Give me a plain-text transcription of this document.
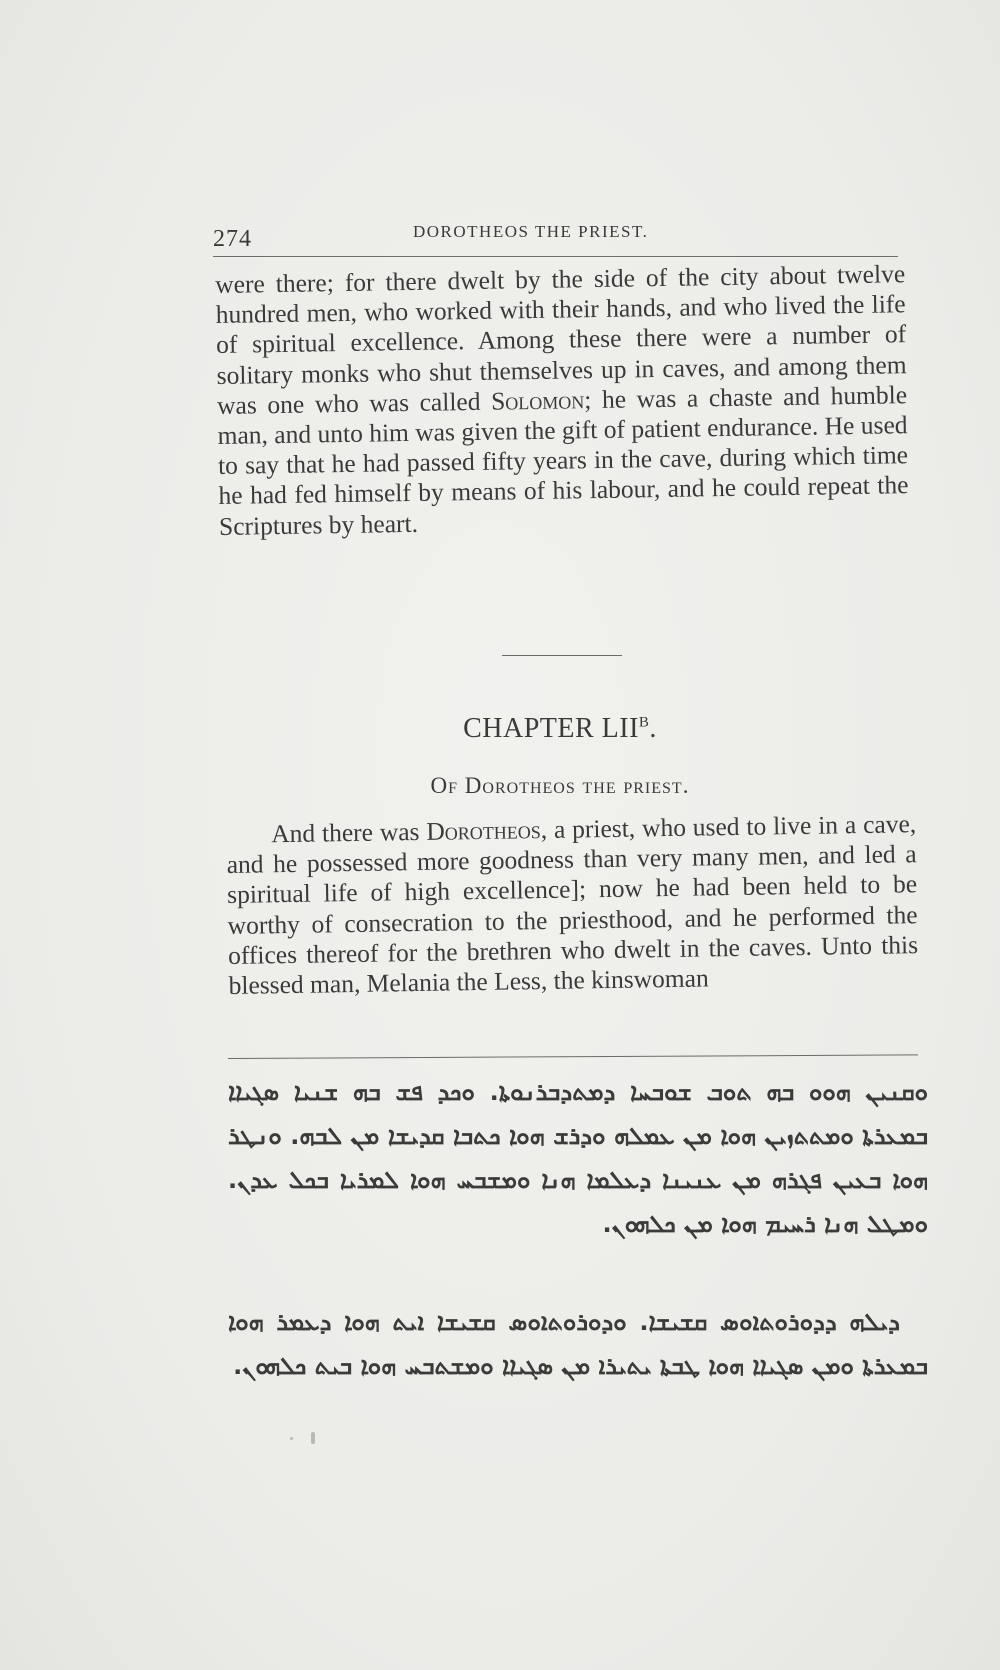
274	DOROTHEOS THE PRIEST.

were there; for there dwelt by the side of the city about twelve hundred men, who worked with their hands, and who lived the life of spiritual excellence. Among these there were a number of solitary monks who shut themselves up in caves, and among them was one who was called Solomon; he was a chaste and humble man, and unto him was given the gift of patient endurance. He used to say that he had passed fifty years in the cave, during which time he had fed himself by means of his labour, and he could repeat the Scriptures by heart.

CHAPTER $LII^B$.
Of Dorotheos the priest.

And there was Dorotheos, a priest, who used to live in a cave, and he possessed more goodness than very many men, and led a spiritual life of high excellence]; now he had been held to be worthy of consecration to the priesthood, and he performed the offices thereof for the brethren who dwelt in the caves. Unto this blessed man, Melania the Less, the kinswoman

ܘܩܢܝܢ ܗܘܘ ܒܗ ܬܘܒ ܫܘܒܚܐ ܕܡܬܕܒܪܢܘܬܐ. ܘܟܕ ܦܫ ܒܗ ܫܢܝܐ ܣܓܝܐܐ ܒܡܥܪܬܐ ܘܡܬܬܙܝܢ ܗܘܐ ܡܢ ܥܡܠܗ ܘܕܪܫ ܗܘܐ ܟܬܒܐ ܩܕܝܫܐ ܡܢ ܠܒܗ. ܘܢܛܪ ܗܘܐ ܒܥܝܢ ܦܓܪܗ ܡܢ ܥܢܝܢܐ ܕܥܠܡܐ ܗܢܐ ܘܡܫܒܚ ܗܘܐ ܠܡܪܝܐ ܒܟܠ ܥܕܢ. ܘܡܛܠ ܗܢܐ ܪܚܝܡ ܗܘܐ ܡܢ ܟܠܗܘܢ.

ܕܝܠܗ ܕܕܘܪܘܬܐܘܣ ܩܫܝܫܐ. ܘܕܘܪܘܬܐܘܣ ܩܫܝܫܐ ܐܝܬ ܗܘܐ ܕܥܡܪ ܗܘܐ ܒܡܥܪܬܐ ܘܡܢ ܣܓܝܐܐ ܗܘܐ ܛܒܬܐ ܝܬܝܪܐ ܡܢ ܣܓܝܐܐ ܘܡܫܬܒܚ ܗܘܐ ܒܝܬ ܟܠܗܘܢ.
